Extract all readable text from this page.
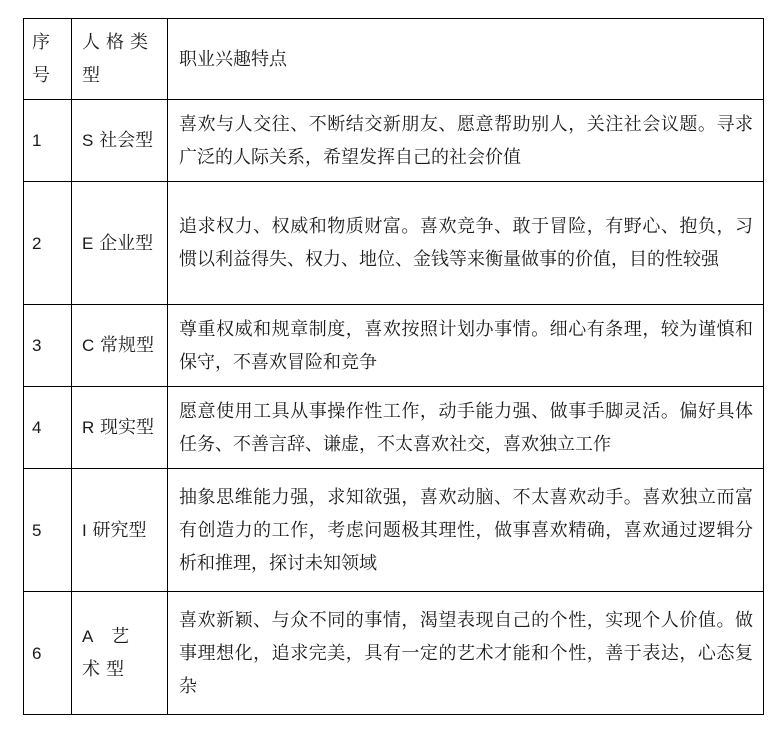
序号	人格类型	职业兴趣特点
1	S 社会型	喜欢与人交往、不断结交新朋友、愿意帮助别人，关注社会议题。寻求广泛的人际关系，希望发挥自己的社会价值
2	E 企业型	追求权力、权威和物质财富。喜欢竞争、敢于冒险，有野心、抱负，习惯以利益得失、权力、地位、金钱等来衡量做事的价值，目的性较强
3	C 常规型	尊重权威和规章制度，喜欢按照计划办事情。细心有条理，较为谨慎和保守，不喜欢冒险和竞争
4	R 现实型	愿意使用工具从事操作性工作，动手能力强、做事手脚灵活。偏好具体任务、不善言辞、谦虚，不太喜欢社交，喜欢独立工作
5	I 研究型	抽象思维能力强，求知欲强，喜欢动脑、不太喜欢动手。喜欢独立而富有创造力的工作，考虑问题极其理性，做事喜欢精确，喜欢通过逻辑分析和推理，探讨未知领域
6	A 艺术型	喜欢新颖、与众不同的事情，渴望表现自己的个性，实现个人价值。做事理想化，追求完美，具有一定的艺术才能和个性，善于表达，心态复杂
